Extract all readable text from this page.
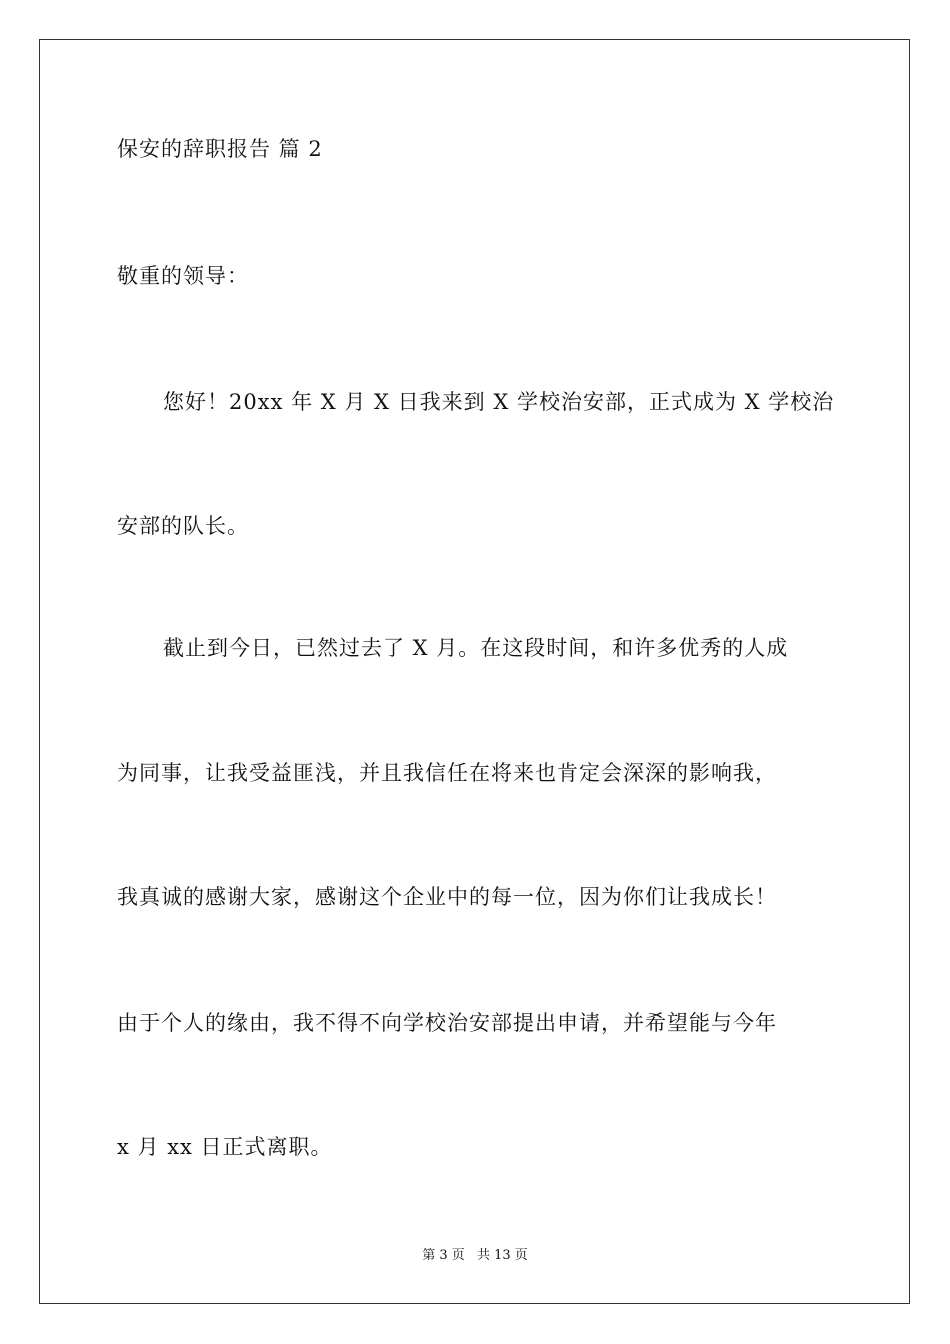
保安的辞职报告 篇 2
敬重的领导：
您好！20xx 年 X 月 X 日我来到 X 学校治安部，正式成为 X 学校治
安部的队长。
截止到今日，已然过去了 X 月。在这段时间，和许多优秀的人成
为同事，让我受益匪浅，并且我信任在将来也肯定会深深的影响我，
我真诚的感谢大家，感谢这个企业中的每一位，因为你们让我成长！
由于个人的缘由，我不得不向学校治安部提出申请，并希望能与今年
x 月 xx 日正式离职。
第 3 页 共 13 页
